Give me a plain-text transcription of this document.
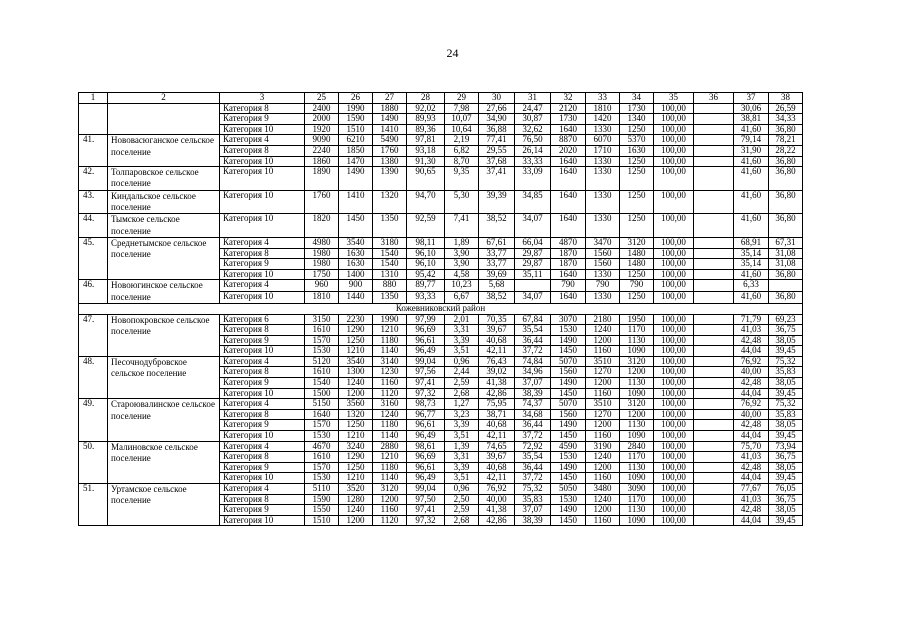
24
1	2	3	25	26	27	28	29	30	31	32	33	34	35	36	37	38
		Категория 8	2400	1990	1880	92,02	7,98	27,66	24,47	2120	1810	1730	100,00		30,06	26,59
		Категория 9	2000	1590	1490	89,93	10,07	34,90	30,87	1730	1420	1340	100,00		38,81	34,33
		Категория 10	1920	1510	1410	89,36	10,64	36,88	32,62	1640	1330	1250	100,00		41,60	36,80
41.	Нововасюганское сельское поселение	Категория 4	9090	6210	5490	97,81	2,19	77,41	76,50	8870	6070	5370	100,00		79,14	78,21
		Категория 8	2240	1850	1760	93,18	6,82	29,55	26,14	2020	1710	1630	100,00		31,90	28,22
		Категория 10	1860	1470	1380	91,30	8,70	37,68	33,33	1640	1330	1250	100,00		41,60	36,80
42.	Толпаровское сельское поселение	Категория 10	1890	1490	1390	90,65	9,35	37,41	33,09	1640	1330	1250	100,00		41,60	36,80
43.	Киндальское сельское поселение	Категория 10	1760	1410	1320	94,70	5,30	39,39	34,85	1640	1330	1250	100,00		41,60	36,80
44.	Тымское сельское поселение	Категория 10	1820	1450	1350	92,59	7,41	38,52	34,07	1640	1330	1250	100,00		41,60	36,80
45.	Среднетымское сельское поселение	Категория 4	4980	3540	3180	98,11	1,89	67,61	66,04	4870	3470	3120	100,00		68,91	67,31
		Категория 8	1980	1630	1540	96,10	3,90	33,77	29,87	1870	1560	1480	100,00		35,14	31,08
		Категория 9	1980	1630	1540	96,10	3,90	33,77	29,87	1870	1560	1480	100,00		35,14	31,08
		Категория 10	1750	1400	1310	95,42	4,58	39,69	35,11	1640	1330	1250	100,00		41,60	36,80
46.	Новоюгинское сельское поселение	Категория 4	960	900	880	89,77	10,23	5,68		790	790	790	100,00		6,33	
		Категория 10	1810	1440	1350	93,33	6,67	38,52	34,07	1640	1330	1250	100,00		41,60	36,80
Кожевниковский район																
47.	Новопокровское сельское поселение	Категория 6	3150	2230	1990	97,99	2,01	70,35	67,84	3070	2180	1950	100,00		71,79	69,23
		Категория 8	1610	1290	1210	96,69	3,31	39,67	35,54	1530	1240	1170	100,00		41,03	36,75
		Категория 9	1570	1250	1180	96,61	3,39	40,68	36,44	1490	1200	1130	100,00		42,48	38,05
		Категория 10	1530	1210	1140	96,49	3,51	42,11	37,72	1450	1160	1090	100,00		44,04	39,45
48.	Песочнодубровское сельское поселение	Категория 4	5120	3540	3140	99,04	0,96	76,43	74,84	5070	3510	3120	100,00		76,92	75,32
		Категория 8	1610	1300	1230	97,56	2,44	39,02	34,96	1560	1270	1200	100,00		40,00	35,83
		Категория 9	1540	1240	1160	97,41	2,59	41,38	37,07	1490	1200	1130	100,00		42,48	38,05
		Категория 10	1500	1200	1120	97,32	2,68	42,86	38,39	1450	1160	1090	100,00		44,04	39,45
49.	Староювалинское сельское поселение	Категория 4	5150	3560	3160	98,73	1,27	75,95	74,37	5070	3510	3120	100,00		76,92	75,32
		Категория 8	1640	1320	1240	96,77	3,23	38,71	34,68	1560	1270	1200	100,00		40,00	35,83
		Категория 9	1570	1250	1180	96,61	3,39	40,68	36,44	1490	1200	1130	100,00		42,48	38,05
		Категория 10	1530	1210	1140	96,49	3,51	42,11	37,72	1450	1160	1090	100,00		44,04	39,45
50.	Малиновское сельское поселение	Категория 4	4670	3240	2880	98,61	1,39	74,65	72,92	4590	3190	2840	100,00		75,70	73,94
		Категория 8	1610	1290	1210	96,69	3,31	39,67	35,54	1530	1240	1170	100,00		41,03	36,75
		Категория 9	1570	1250	1180	96,61	3,39	40,68	36,44	1490	1200	1130	100,00		42,48	38,05
		Категория 10	1530	1210	1140	96,49	3,51	42,11	37,72	1450	1160	1090	100,00		44,04	39,45
51.	Уртамское сельское поселение	Категория 4	5110	3520	3120	99,04	0,96	76,92	75,32	5050	3480	3090	100,00		77,67	76,05
		Категория 8	1590	1280	1200	97,50	2,50	40,00	35,83	1530	1240	1170	100,00		41,03	36,75
		Категория 9	1550	1240	1160	97,41	2,59	41,38	37,07	1490	1200	1130	100,00		42,48	38,05
		Категория 10	1510	1200	1120	97,32	2,68	42,86	38,39	1450	1160	1090	100,00		44,04	39,45
